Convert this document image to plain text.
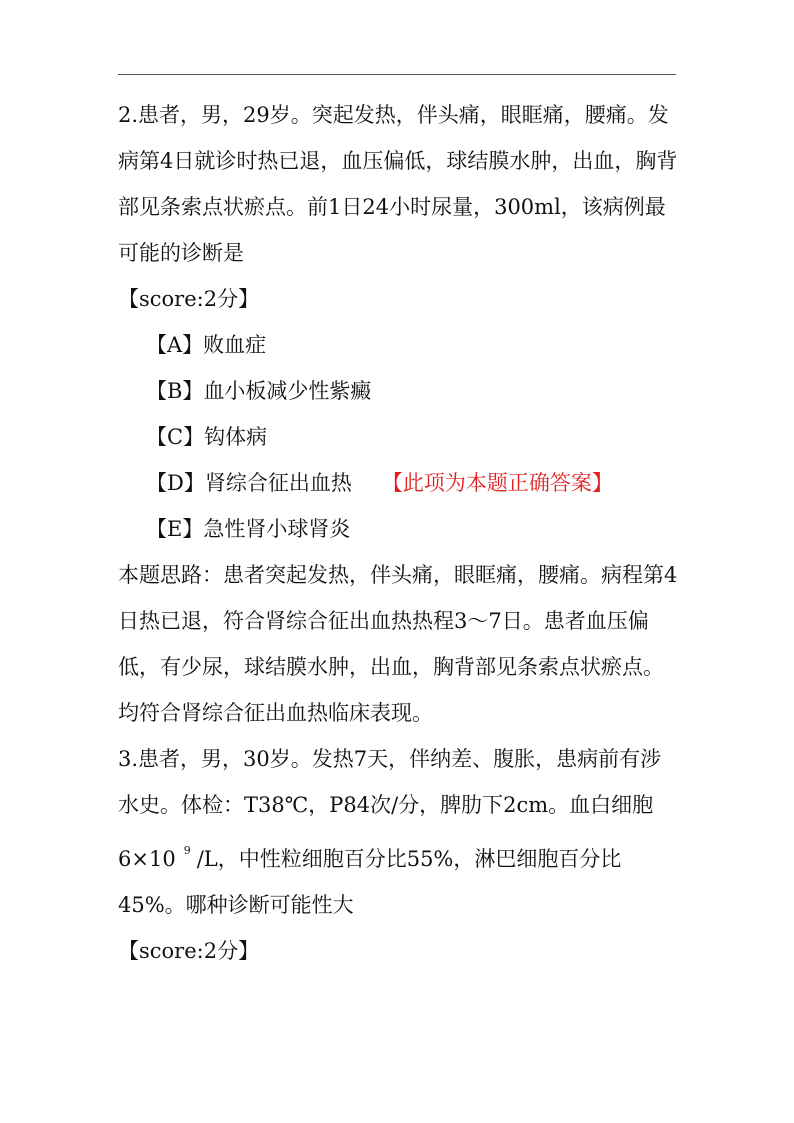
2.患者，男，29岁。突起发热，伴头痛，眼眶痛，腰痛。发病第4日就诊时热已退，血压偏低，球结膜水肿，出血，胸背部见条索点状瘀点。前1日24小时尿量，300ml，该病例最可能的诊断是

【score:2分】

【A】败血症

【B】血小板减少性紫癜

【C】钩体病

【D】肾综合征出血热 【此项为本题正确答案】

【E】急性肾小球肾炎

本题思路：患者突起发热，伴头痛，眼眶痛，腰痛。病程第4日热已退，符合肾综合征出血热热程3～7日。患者血压偏低，有少尿，球结膜水肿，出血，胸背部见条索点状瘀点。均符合肾综合征出血热临床表现。

3.患者，男，30岁。发热7天，伴纳差、腹胀，患病前有涉水史。体检：T38℃，P84次/分，脾肋下2cm。血白细胞6×10 $^9$ /L，中性粒细胞百分比55%，淋巴细胞百分比45%。哪种诊断可能性大

【score:2分】
